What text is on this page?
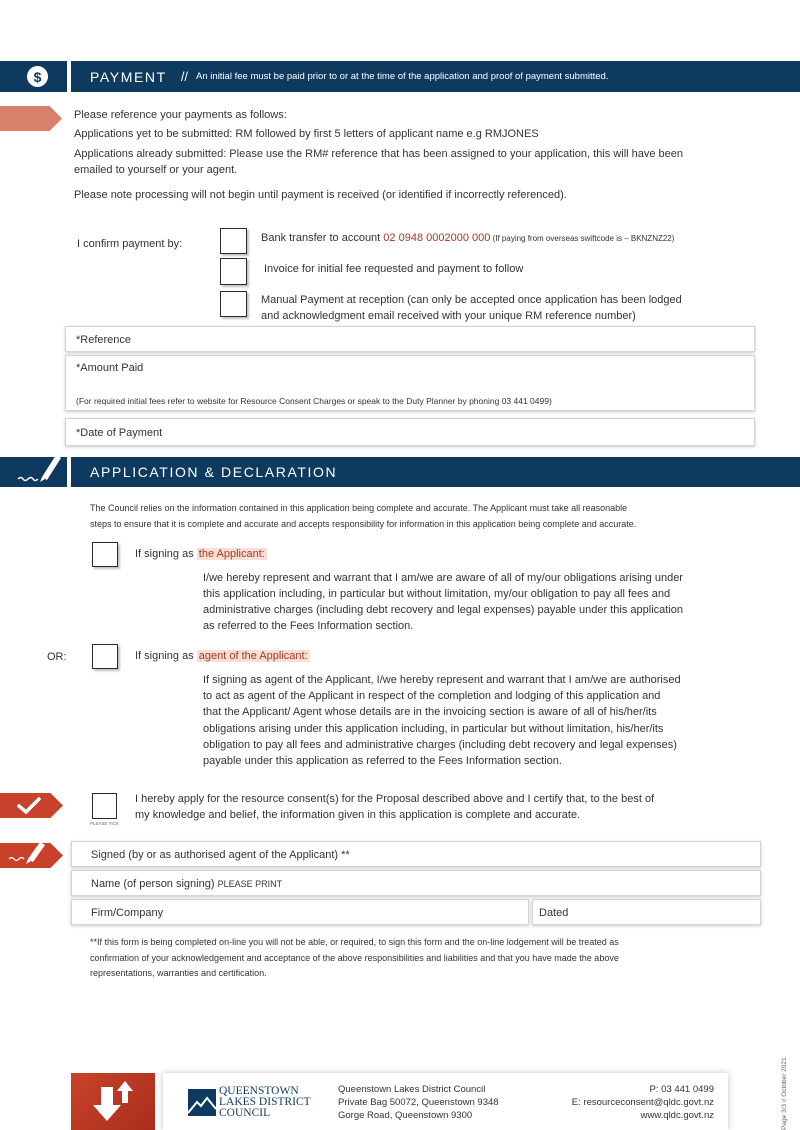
$	PAYMENT // An initial fee must be paid prior to or at the time of the application and proof of payment submitted.
Please reference your payments as follows:
Applications yet to be submitted: RM followed by first 5 letters of applicant name e.g RMJONES
Applications already submitted: Please use the RM# reference that has been assigned to your application, this will have been
emailed to yourself or your agent.
Please note processing will not begin until payment is received (or identified if incorrectly referenced).
I confirm payment by:	Bank transfer to account 02 0948 0002000 000 (If paying from overseas swiftcode is – BKNZNZ22)
Invoice for initial fee requested and payment to follow
Manual Payment at reception (can only be accepted once application has been lodged
and acknowledgment email received with your unique RM reference number)
*Reference
*Amount Paid
(For required initial fees refer to website for Resource Consent Charges or speak to the Duty Planner by phoning 03 441 0499)
*Date of Payment
APPLICATION & DECLARATION
The Council relies on the information contained in this application being complete and accurate. The Applicant must take all reasonable
steps to ensure that it is complete and accurate and accepts responsibility for information in this application being complete and accurate.
If signing as the Applicant:
I/we hereby represent and warrant that I am/we are aware of all of my/our obligations arising under
this application including, in particular but without limitation, my/our obligation to pay all fees and
administrative charges (including debt recovery and legal expenses) payable under this application
as referred to the Fees Information section.
OR:	If signing as agent of the Applicant:
If signing as agent of the Applicant, I/we hereby represent and warrant that I am/we are authorised
to act as agent of the Applicant in respect of the completion and lodging of this application and
that the Applicant/ Agent whose details are in the invoicing section is aware of all of his/her/its
obligations arising under this application including, in particular but without limitation, his/her/its
obligation to pay all fees and administrative charges (including debt recovery and legal expenses)
payable under this application as referred to the Fees Information section.
PLEASE TICK
I hereby apply for the resource consent(s) for the Proposal described above and I certify that, to the best of
my knowledge and belief, the information given in this application is complete and accurate.
Signed (by or as authorised agent of the Applicant) **
Name (of person signing) PLEASE PRINT
Firm/Company	Dated
**If this form is being completed on-line you will not be able, or required, to sign this form and the on-line lodgement will be treated as
confirmation of your acknowledgement and acceptance of the above responsibilities and liabilities and that you have made the above
representations, warranties and certification.
QUEENSTOWN
LAKES DISTRICT
COUNCIL
Queenstown Lakes District Council
Private Bag 50072, Queenstown 9348
Gorge Road, Queenstown 9300
P: 03 441 0499
E: resourceconsent@qldc.govt.nz
www.qldc.govt.nz	Page 3/3 // October 2021
